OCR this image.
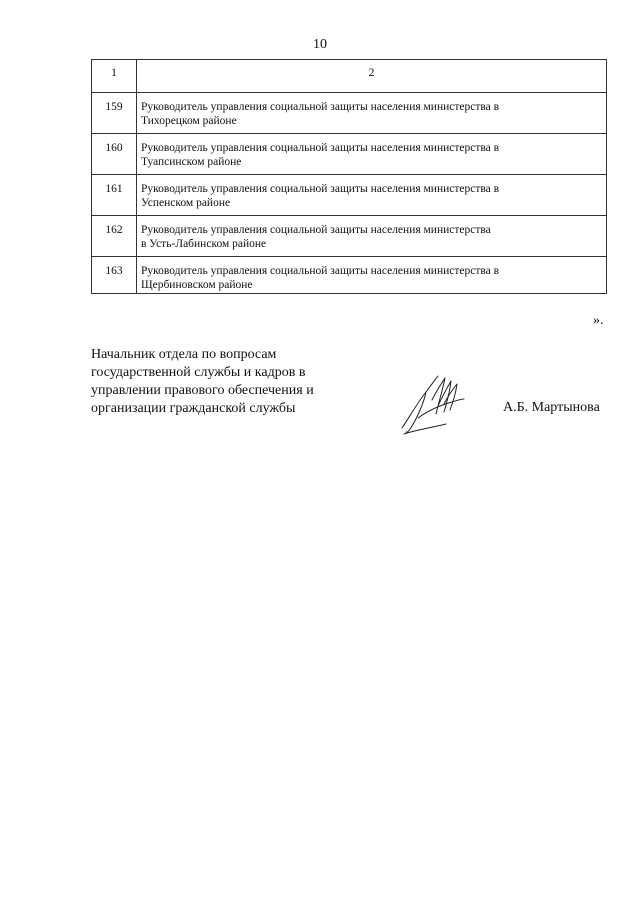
10
1	2
159	Руководитель управления социальной защиты населения министерства в
Тихорецком районе

160	Руководитель управления социальной защиты населения министерства в
Туапсинском районе

161	Руководитель управления социальной защиты населения министерства в
Успенском районе

162	Руководитель управления социальной защиты населения министерства
в Усть-Лабинском районе

163	Руководитель управления социальной защиты населения министерства в
Щербиновском районе
».
Начальник отдела по вопросам
государственной службы и кадров в
управлении правового обеспечения и
организации гражданской службы	А.Б. Мартынова
